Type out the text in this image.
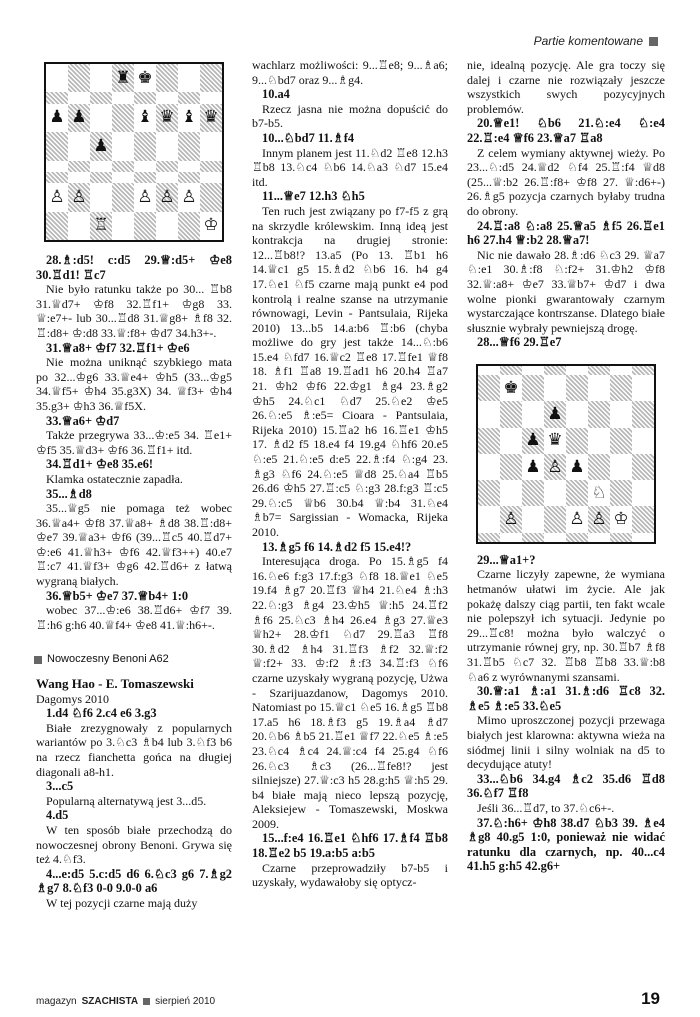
Partie komentowane
♜ ♚
♟ ♟	♝ ♛ ♝ ♛
♟
♙ ♙	♙ ♙ ♙
♖	♔

28.♗:d5! c:d5 29.♕:d5+ ♔e8 30.♖d1! ♖c7

Nie było ratunku także po 30... ♖b8 31.♕d7+ ♔f8 32.♖f1+ ♔g8 33. ♕:e7+- lub 30...♖d8 31.♕g8+ ♗f8 32. ♖:d8+ ♔:d8 33.♕:f8+ ♔d7 34.h3+-.

31.♕a8+ ♔f7 32.♖f1+ ♔e6

Nie można uniknąć szybkiego mata po 32...♔g6 33.♕e4+ ♔h5 (33...♔g5 34.♕f5+ ♔h4 35.g3X) 34. ♕f3+ ♔h4 35.g3+ ♔h3 36.♕f5X.

33.♕a6+ ♔d7

Także przegrywa 33...♔:e5 34. ♖e1+ ♔f5 35.♕d3+ ♔f6 36.♖f1+ itd.

34.♖d1+ ♔e8 35.e6!

Klamka ostatecznie zapadła.

35...♗d8

35...♕g5 nie pomaga też wobec 36.♕a4+ ♔f8 37.♕a8+ ♗d8 38.♖:d8+ ♔e7 39.♕a3+ ♔f6 (39...♖c5 40.♖d7+ ♔:e6 41.♕h3+ ♔f6 42.♕f3++) 40.e7 ♖:c7 41.♕f3+ ♔g6 42.♖d6+ z łatwą wygraną białych.

36.♕b5+ ♔e7 37.♕b4+ 1:0

wobec 37...♔:e6 38.♖d6+ ♔f7 39. ♖:h6 g:h6 40.♕f4+ ♔e8 41.♕:h6+-.

Nowoczesny Benoni A62

Wang Hao - E. Tomaszewski

Dagomys 2010

1.d4 ♘f6 2.c4 e6 3.g3

Białe zrezygnowały z popularnych wariantów po 3.♘c3 ♗b4 lub 3.♘f3 b6 na rzecz fianchetta gońca na długiej diagonali a8-h1.

3...c5

Popularną alternatywą jest 3...d5.

4.d5

W ten sposób białe przechodzą do nowoczesnej obrony Benoni. Grywa się też 4.♘f3.

4...e:d5 5.c:d5 d6 6.♘c3 g6 7.♗g2 ♗g7 8.♘f3 0-0 9.0-0 a6

W tej pozycji czarne mają duży

wachlarz możliwości: 9...♖e8; 9...♗a6; 9...♘bd7 oraz 9...♗g4.

10.a4

Rzecz jasna nie można dopuścić do b7-b5.

10...♘bd7 11.♗f4

Innym planem jest 11.♘d2 ♖e8 12.h3 ♖b8 13.♘c4 ♘b6 14.♘a3 ♘d7 15.e4 itd.

11...♕e7 12.h3 ♘h5

Ten ruch jest związany po f7-f5 z grą na skrzydle królewskim. Inną ideą jest kontrakcja na drugiej stronie: 12...♖b8!? 13.a5 (Po 13. ♖b1 h6 14.♕c1 g5 15.♗d2 ♘b6 16. h4 g4 17.♘e1 ♘f5 czarne mają punkt e4 pod kontrolą i realne szanse na utrzymanie równowagi, Levin - Pantsulaia, Rijeka 2010) 13...b5 14.a:b6 ♖:b6 (chyba możliwe do gry jest także 14...♘:b6 15.e4 ♘fd7 16.♕c2 ♖e8 17.♖fe1 ♕f8 18. ♗f1 ♖a8 19.♖ad1 h6 20.h4 ♖a7 21. ♔h2 ♔f6 22.♔g1 ♗g4 23.♗g2 ♔h5 24.♘c1 ♘d7 25.♘e2 ♔e5 26.♘:e5 ♗:e5= Cioara - Pantsulaia, Rijeka 2010) 15.♖a2 h6 16.♖e1 ♔h5 17. ♗d2 f5 18.e4 f4 19.g4 ♘hf6 20.e5 ♘:e5 21.♘:e5 d:e5 22.♗:f4 ♘:g4 23. ♗g3 ♘f6 24.♘:e5 ♕d8 25.♘a4 ♖b5 26.d6 ♔h5 27.♖:c5 ♘:g3 28.f:g3 ♖:c5 29.♘:c5 ♕b6 30.b4 ♕:b4 31.♘e4 ♗b7= Sargissian - Womacka, Rijeka 2010.

13.♗g5 f6 14.♗d2 f5 15.e4!?

Interesująca droga. Po 15.♗g5 f4 16.♘e6 f:g3 17.f:g3 ♘f8 18.♕e1 ♘e5 19.f4 ♗g7 20.♖f3 ♕h4 21.♘e4 ♗:h3 22.♘:g3 ♗g4 23.♔h5 ♕:h5 24.♖f2 ♗f6 25.♘c3 ♗h4 26.e4 ♗g3 27.♕e3 ♕h2+ 28.♔f1 ♘d7 29.♖a3 ♖f8 30.♗d2 ♗h4 31.♖f3 ♗f2 32.♕:f2 ♕:f2+ 33. ♔:f2 ♗:f3 34.♖:f3 ♘f6 czarne uzyskały wygraną pozycję, Użwa - Szarijuazdanow, Dagomys 2010. Natomiast po 15.♕c1 ♘e5 16.♗g5 ♖b8 17.a5 h6 18.♗f3 g5 19.♗a4 ♗d7 20.♘b6 ♗b5 21.♖e1 ♕f7 22.♘e5 ♗:e5 23.♘c4 ♗c4 24.♕:c4 f4 25.g4 ♘f6 26.♘c3 ♗c3 (26...♖fe8!? jest silniejsze) 27.♕:c3 h5 28.g:h5 ♕:h5 29. b4 białe mają nieco lepszą pozycję, Aleksiejew - Tomaszewski, Moskwa 2009.

15...f:e4 16.♖e1 ♘hf6 17.♗f4 ♖b8 18.♖e2 b5 19.a:b5 a:b5

Czarne przeprowadziły b7-b5 i uzyskały, wydawałoby się optycz-

nie, idealną pozycję. Ale gra toczy się dalej i czarne nie rozwiązały jeszcze wszystkich swych pozycyjnych problemów.

20.♕e1! ♘b6 21.♘:e4 ♘:e4 22.♖:e4 ♕f6 23.♕a7 ♖a8

Z celem wymiany aktywnej wieży. Po 23...♘:d5 24.♕d2 ♘f4 25.♖:f4 ♕d8 (25...♕:b2 26.♖:f8+ ♔f8 27. ♕:d6+-) 26.♗g5 pozycja czarnych byłaby trudna do obrony.

24.♖:a8 ♘:a8 25.♕a5 ♗f5 26.♖e1 h6 27.h4 ♕:b2 28.♕a7!

Nic nie dawało 28.♗:d6 ♘c3 29. ♕a7 ♘:e1 30.♗:f8 ♘:f2+ 31.♔h2 ♔f8 32.♕:a8+ ♔e7 33.♕b7+ ♔d7 i dwa wolne pionki gwarantowały czarnym wystarczające kontrszanse. Dlatego białe słusznie wybrały pewniejszą drogę.

28...♕f6 29.♖e7

♚
♟
♟ ♛
♟ ♙ ♟
♘
♙	♙ ♙ ♔

29...♕a1+?

Czarne liczyły zapewne, że wymiana hetmanów ułatwi im życie. Ale jak pokażę dalszy ciąg partii, ten fakt wcale nie polepszył ich sytuacji. Jedynie po 29...♖c8! można było walczyć o utrzymanie równej gry, np. 30.♖b7 ♗f8 31.♖b5 ♘c7 32. ♖b8 ♖b8 33.♕:b8 ♘a6 z wyrównanymi szansami.

30.♕:a1 ♗:a1 31.♗:d6 ♖c8 32. ♗e5 ♗:e5 33.♘e5

Mimo uproszczonej pozycji przewaga białych jest klarowna: aktywna wieża na siódmej linii i silny wolniak na d5 to decydujące atuty!

33...♘b6 34.g4 ♗c2 35.d6 ♖d8 36.♘f7 ♖f8

Jeśli 36...♖d7, to 37.♘c6+-.

37.♘:h6+ ♔h8 38.d7 ♘b3 39. ♗e4 ♗g8 40.g5 1:0, ponieważ nie widać ratunku dla czarnych, np. 40...c4 41.h5 g:h5 42.g6+

magazyn SZACHISTA sierpień 2010	19
